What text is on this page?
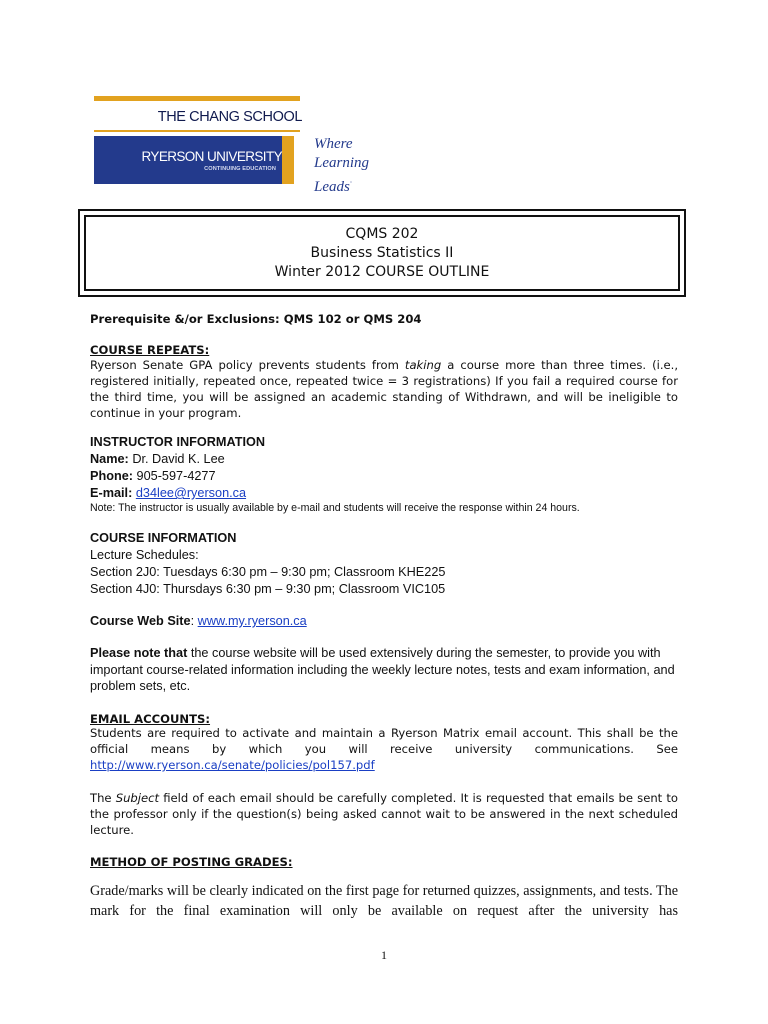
THE CHANG SCHOOL
RYERSON UNIVERSITY
CONTINUING EDUCATION
Where
Learning
Leads·
CQMS 202
Business Statistics II
Winter 2012 COURSE OUTLINE
Prerequisite &/or Exclusions: QMS 102 or QMS 204
COURSE REPEATS:
Ryerson Senate GPA policy prevents students from taking a course more than three times. (i.e., registered initially, repeated once, repeated twice = 3 registrations) If you fail a required course for the third time, you will be assigned an academic standing of Withdrawn, and will be ineligible to continue in your program.
INSTRUCTOR INFORMATION
Name: Dr. David K. Lee
Phone: 905-597-4277
E-mail: d34lee@ryerson.ca
Note: The instructor is usually available by e-mail and students will receive the response within 24 hours.
COURSE INFORMATION
Lecture Schedules:
Section 2J0: Tuesdays 6:30 pm – 9:30 pm; Classroom KHE225
Section 4J0: Thursdays 6:30 pm – 9:30 pm; Classroom VIC105
Course Web Site: www.my.ryerson.ca
Please note that the course website will be used extensively during the semester, to provide you with important course-related information including the weekly lecture notes, tests and exam information, and problem sets, etc.
EMAIL ACCOUNTS:
Students are required to activate and maintain a Ryerson Matrix email account. This shall be the official means by which you will receive university communications. See http://www.ryerson.ca/senate/policies/pol157.pdf
The Subject field of each email should be carefully completed. It is requested that emails be sent to the professor only if the question(s) being asked cannot wait to be answered in the next scheduled lecture.
METHOD OF POSTING GRADES:
Grade/marks will be clearly indicated on the first page for returned quizzes, assignments, and tests. The mark for the final examination will only be available on request after the university has
1
